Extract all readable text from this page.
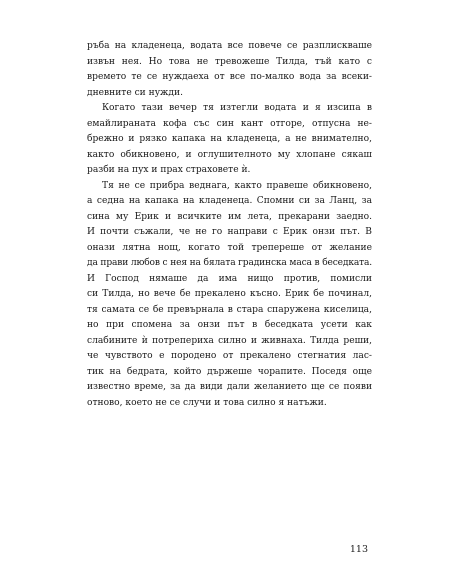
ръба на кладенеца, водата все повече се разплискваше
извън нея. Но това не тревожеше Тилда, тъй като с
времето те се нуждаеха от все по-малко вода за всеки-
дневните си нужди.
Когато тази вечер тя изтегли водата и я изсипа в
емайлираната кофа със син кант отгоре, отпусна не-
брежно и рязко капака на кладенеца, а не внимателно,
както обикновено, и оглушителното му хлопане сякаш
разби на пух и прах страховете ѝ.
Тя не се прибра веднага, както правеше обикновено,
а седна на капака на кладенеца. Спомни си за Ланц, за
сина му Ерик и всичките им лета, прекарани заедно.
И почти съжали, че не го направи с Ерик онзи път. В
онази лятна нощ, когато той трепереше от желание
да прави любов с нея на бялата градинска маса в беседката.
И Господ нямаше да има нищо против, помисли
си Тилда, но вече бе прекалено късно. Ерик бе починал,
тя самата се бе превърнала в стара спаружена киселица,
но при спомена за онзи път в беседката усети как
слабините ѝ потрепериха силно и живнаха. Тилда реши,
че чувството е породено от прекалено стегнатия лас-
тик на бедрата, който държеше чорапите. Поседя още
известно време, за да види дали желанието ще се появи
отново, което не се случи и това силно я натъжи.
113
